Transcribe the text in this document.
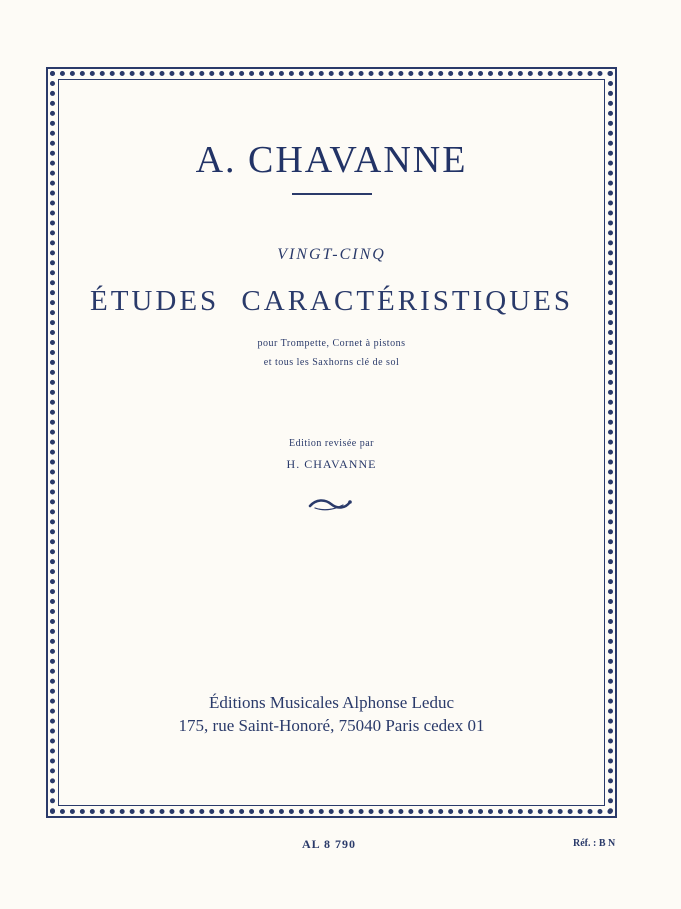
A. CHAVANNE
VINGT-CINQ
ÉTUDES CARACTÉRISTIQUES
pour Trompette, Cornet à pistons
et tous les Saxhorns clé de sol
Edition revisée par
H. CHAVANNE
Éditions Musicales Alphonse Leduc
175, rue Saint-Honoré, 75040 Paris cedex 01
AL 8 790	Réf. : B N
